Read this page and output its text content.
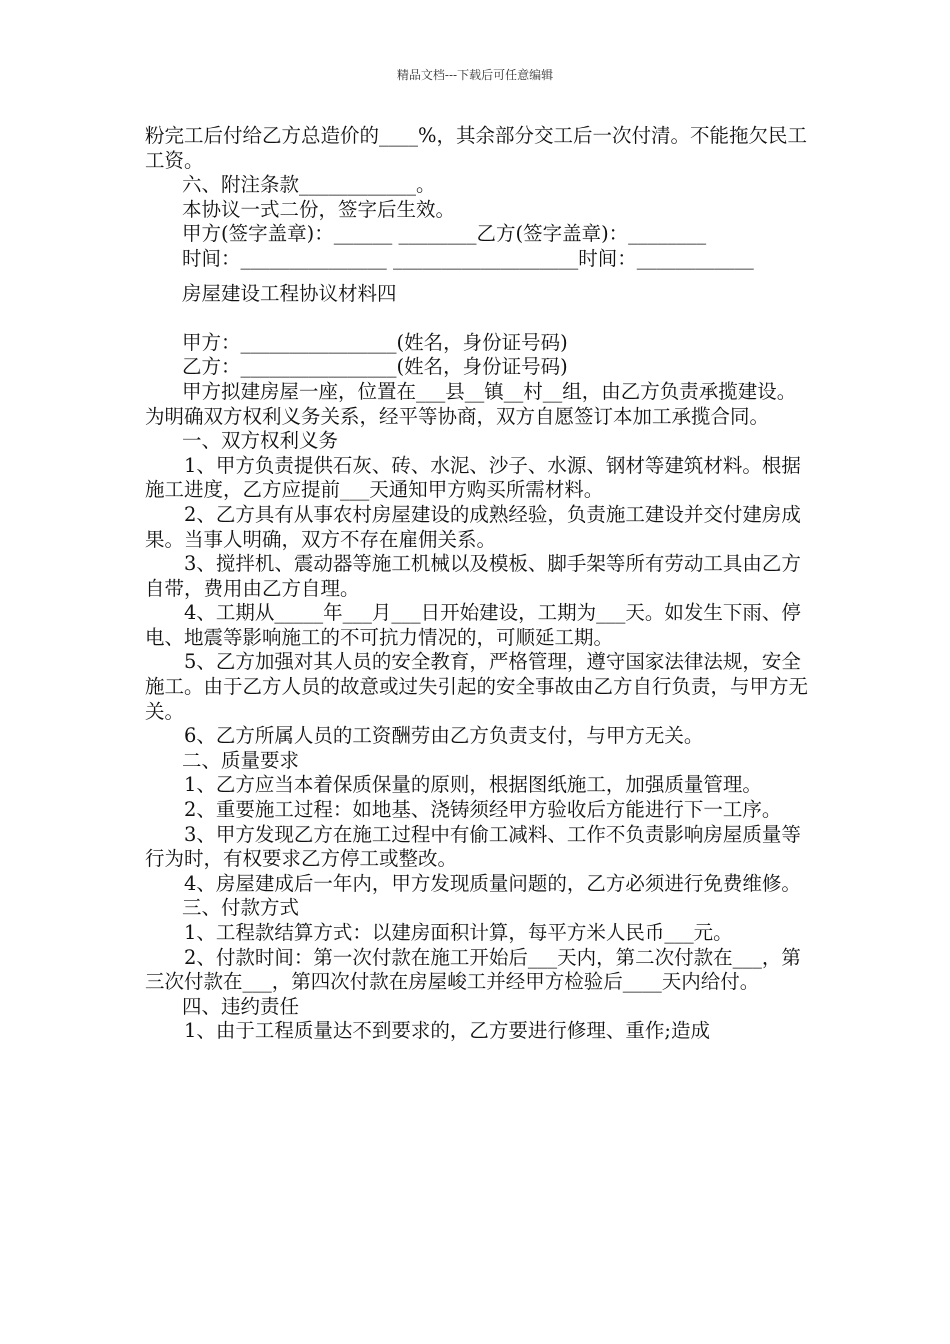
精品文档---下载后可任意编辑

粉完工后付给乙方总造价的____%，其余部分交工后一次付清。不能拖欠民工工资。

六、附注条款____________。

本协议一式二份，签字后生效。

甲方(签字盖章)：______ ________乙方(签字盖章)：________

时间：_______________ ___________________时间：____________

房屋建设工程协议材料四

甲方：________________(姓名，身份证号码)

乙方：________________(姓名，身份证号码)

甲方拟建房屋一座，位置在___县__镇__村__组，由乙方负责承揽建设。为明确双方权利义务关系，经平等协商，双方自愿签订本加工承揽合同。

一、双方权利义务

1、甲方负责提供石灰、砖、水泥、沙子、水源、钢材等建筑材料。根据施工进度，乙方应提前___天通知甲方购买所需材料。

2、乙方具有从事农村房屋建设的成熟经验，负责施工建设并交付建房成果。当事人明确，双方不存在雇佣关系。

3、搅拌机、震动器等施工机械以及模板、脚手架等所有劳动工具由乙方自带，费用由乙方自理。

4、工期从_____年___月___日开始建设，工期为___天。如发生下雨、停电、地震等影响施工的不可抗力情况的，可顺延工期。

5、乙方加强对其人员的安全教育，严格管理，遵守国家法律法规，安全施工。由于乙方人员的故意或过失引起的安全事故由乙方自行负责，与甲方无关。

6、乙方所属人员的工资酬劳由乙方负责支付，与甲方无关。

二、质量要求

1、乙方应当本着保质保量的原则，根据图纸施工，加强质量管理。

2、重要施工过程：如地基、浇铸须经甲方验收后方能进行下一工序。

3、甲方发现乙方在施工过程中有偷工减料、工作不负责影响房屋质量等行为时，有权要求乙方停工或整改。

4、房屋建成后一年内，甲方发现质量问题的，乙方必须进行免费维修。

三、付款方式

1、工程款结算方式：以建房面积计算，每平方米人民币___元。

2、付款时间：第一次付款在施工开始后___天内，第二次付款在___，第三次付款在___，第四次付款在房屋峻工并经甲方检验后____天内给付。

四、违约责任

1、由于工程质量达不到要求的，乙方要进行修理、重作;造成
